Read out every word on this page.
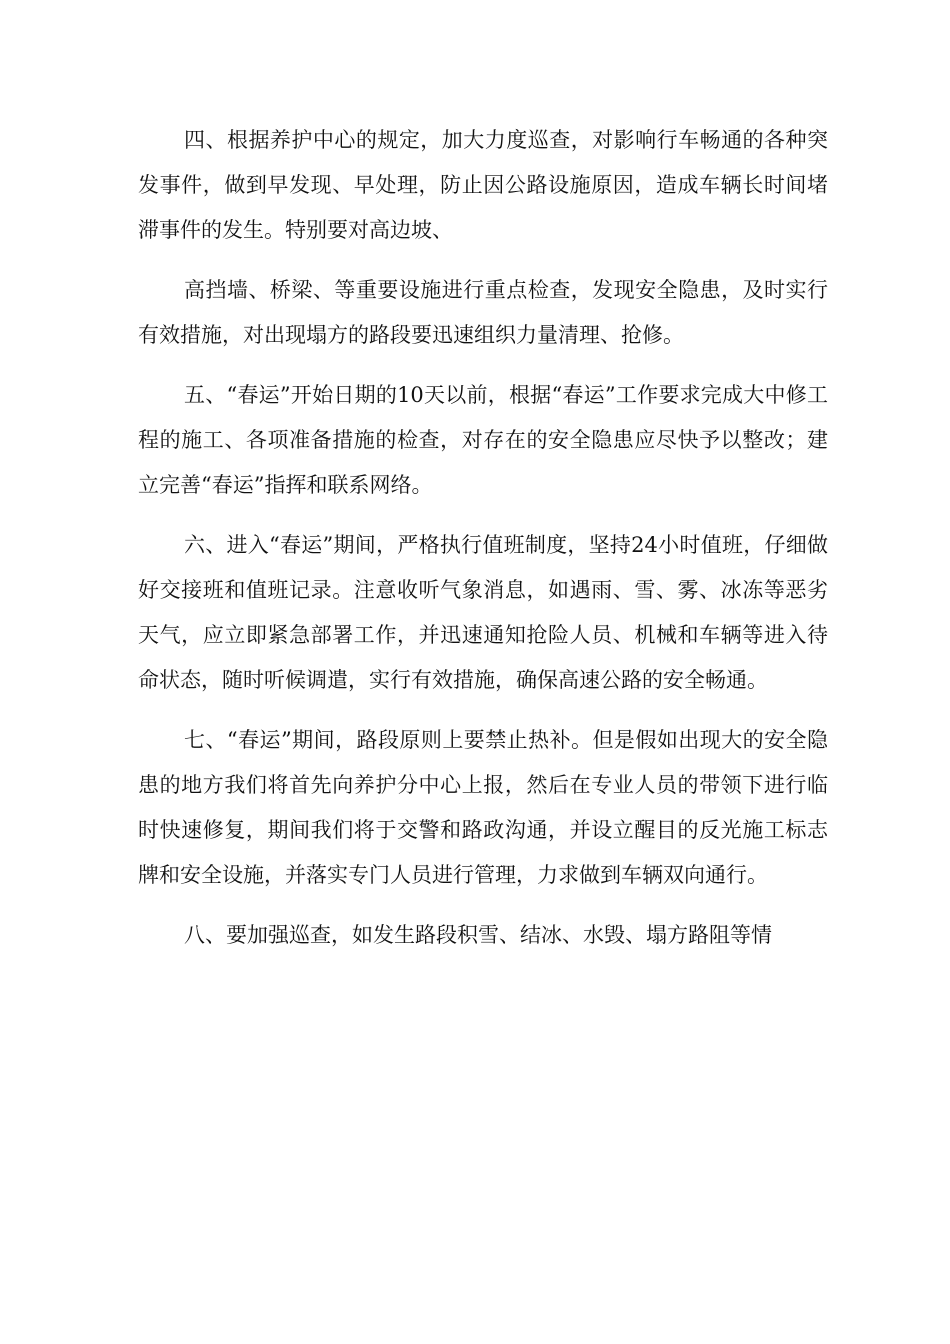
四、根据养护中心的规定，加大力度巡查，对影响行车畅通的各种突发事件，做到早发现、早处理，防止因公路设施原因，造成车辆长时间堵滞事件的发生。特别要对高边坡、

高挡墙、桥梁、等重要设施进行重点检查，发现安全隐患，及时实行有效措施，对出现塌方的路段要迅速组织力量清理、抢修。

五、“春运”开始日期的10天以前，根据“春运”工作要求完成大中修工程的施工、各项准备措施的检查，对存在的安全隐患应尽快予以整改；建立完善“春运”指挥和联系网络。

六、进入“春运”期间，严格执行值班制度，坚持24小时值班，仔细做好交接班和值班记录。注意收听气象消息，如遇雨、雪、雾、冰冻等恶劣天气，应立即紧急部署工作，并迅速通知抢险人员、机械和车辆等进入待命状态，随时听候调遣，实行有效措施，确保高速公路的安全畅通。

七、“春运”期间，路段原则上要禁止热补。但是假如出现大的安全隐患的地方我们将首先向养护分中心上报，然后在专业人员的带领下进行临时快速修复，期间我们将于交警和路政沟通，并设立醒目的反光施工标志牌和安全设施，并落实专门人员进行管理，力求做到车辆双向通行。

八、要加强巡查，如发生路段积雪、结冰、水毁、塌方路阻等情
